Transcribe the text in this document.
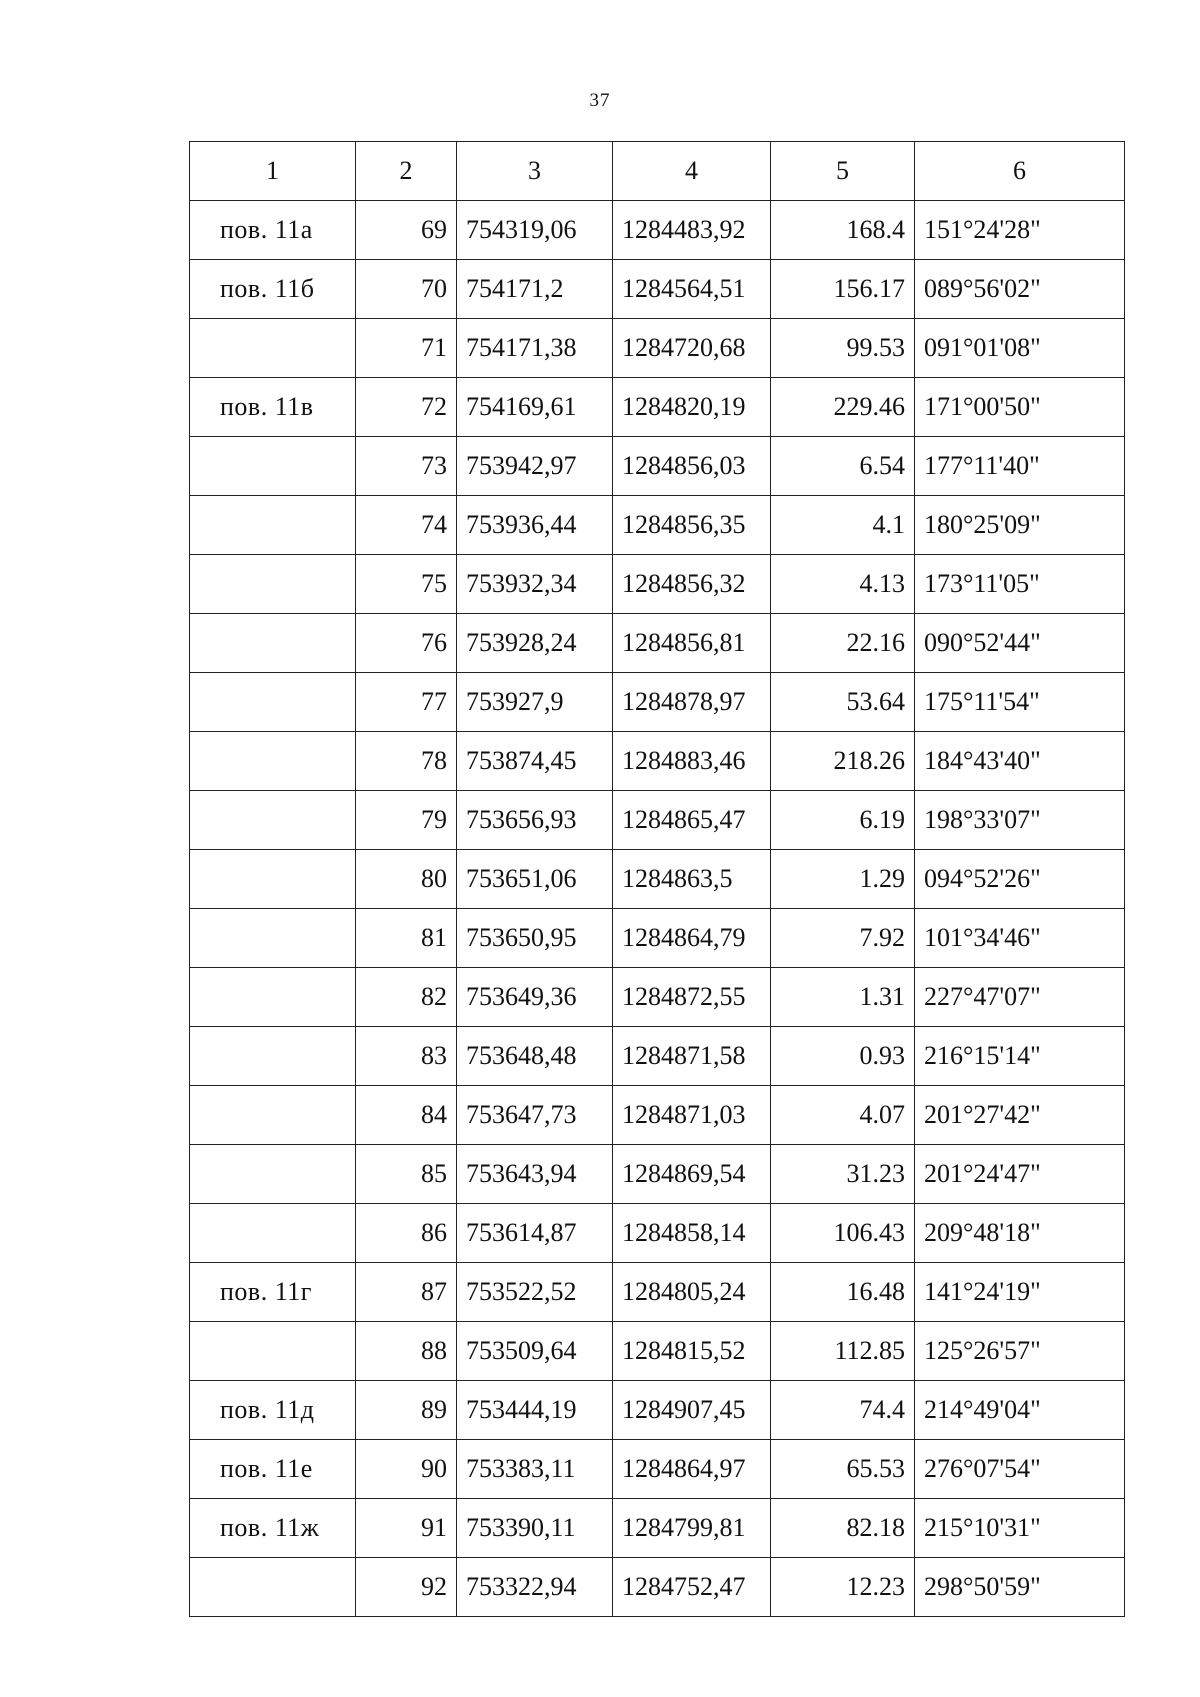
37
1	2	3	4	5	6
пов. 11а	69	754319,06	1284483,92	168.4	151°24'28"
пов. 11б	70	754171,2	1284564,51	156.17	089°56'02"
	71	754171,38	1284720,68	99.53	091°01'08"
пов. 11в	72	754169,61	1284820,19	229.46	171°00'50"
	73	753942,97	1284856,03	6.54	177°11'40"
	74	753936,44	1284856,35	4.1	180°25'09"
	75	753932,34	1284856,32	4.13	173°11'05"
	76	753928,24	1284856,81	22.16	090°52'44"
	77	753927,9	1284878,97	53.64	175°11'54"
	78	753874,45	1284883,46	218.26	184°43'40"
	79	753656,93	1284865,47	6.19	198°33'07"
	80	753651,06	1284863,5	1.29	094°52'26"
	81	753650,95	1284864,79	7.92	101°34'46"
	82	753649,36	1284872,55	1.31	227°47'07"
	83	753648,48	1284871,58	0.93	216°15'14"
	84	753647,73	1284871,03	4.07	201°27'42"
	85	753643,94	1284869,54	31.23	201°24'47"
	86	753614,87	1284858,14	106.43	209°48'18"
пов. 11г	87	753522,52	1284805,24	16.48	141°24'19"
	88	753509,64	1284815,52	112.85	125°26'57"
пов. 11д	89	753444,19	1284907,45	74.4	214°49'04"
пов. 11е	90	753383,11	1284864,97	65.53	276°07'54"
пов. 11ж	91	753390,11	1284799,81	82.18	215°10'31"
	92	753322,94	1284752,47	12.23	298°50'59"
